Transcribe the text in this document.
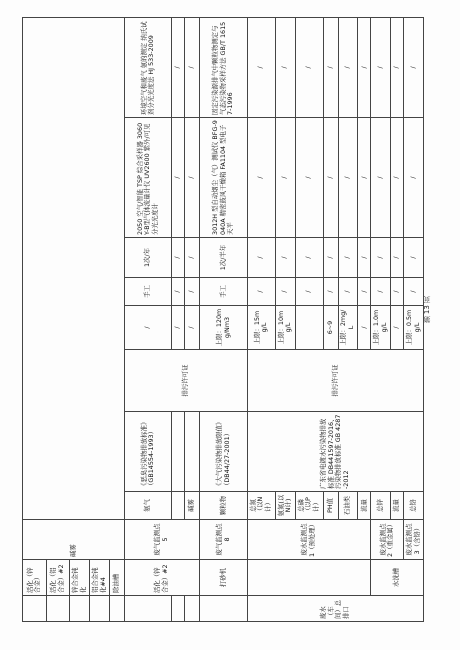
	活化（锌合金）	碱雾								
	活化（铝合金）#2									
	锌合金钝化									
	铝合金钝化#4									
	除油槽									
	活化（锌合金）#2	废气监测点 5	氨气	《恶臭污染物排放标准》（GB14554-1993）	排污许可证	/	手工	1次/年	2050 空气/智能 TSP 综合采样器 3060Y-B型气体流量计仪 UV2600 紫外/可见分光光度计	环境空气和废气 氨的测定 纳氏试剂分光光度法 HJ 533-2009
						/	/	/	/	/
			碱雾			/	/	/	/	/
	打砂机	废气监测点 8	颗粒物	《大气污染物排放限值》（DB44/27-2001）		上限：120mg/Nm3	手工	1次/半年	3012H 型自动烟尘（气）测试仪 BFG-9040A 精密鼓风干燥箱 FA1104 型电子天平	固定污染源排气中颗粒物测定与气态污染物采样方法 GB/T 16157-1996
废水（车间）总排口		废水监测点 1（预处理）	总氮（以N计）	广东省电镀水污染物排放标准 DB441597-2016、污染物排放标准 GB 4287-2012	排污许可证	上限：15mg/L	/	/	/	/
			氨氮(以N计)			上限：10mg/L	/	/	/	/
			总磷（以P计）				/	/	/	/
			PH值			6~9	/	/	/	/
			石油类			上限：2mg/L	/	/	/	/
			流量			/	/	/	/	/
	水洗槽	废水监测点 2（重金属）	总锌			上限：1.0mg/L	/	/	/	/
			流量			/	/	/	/	/
		废水监测点 3（含铬）	总铬			上限：0.5mg/L	/	/	/	/
第 13 页
